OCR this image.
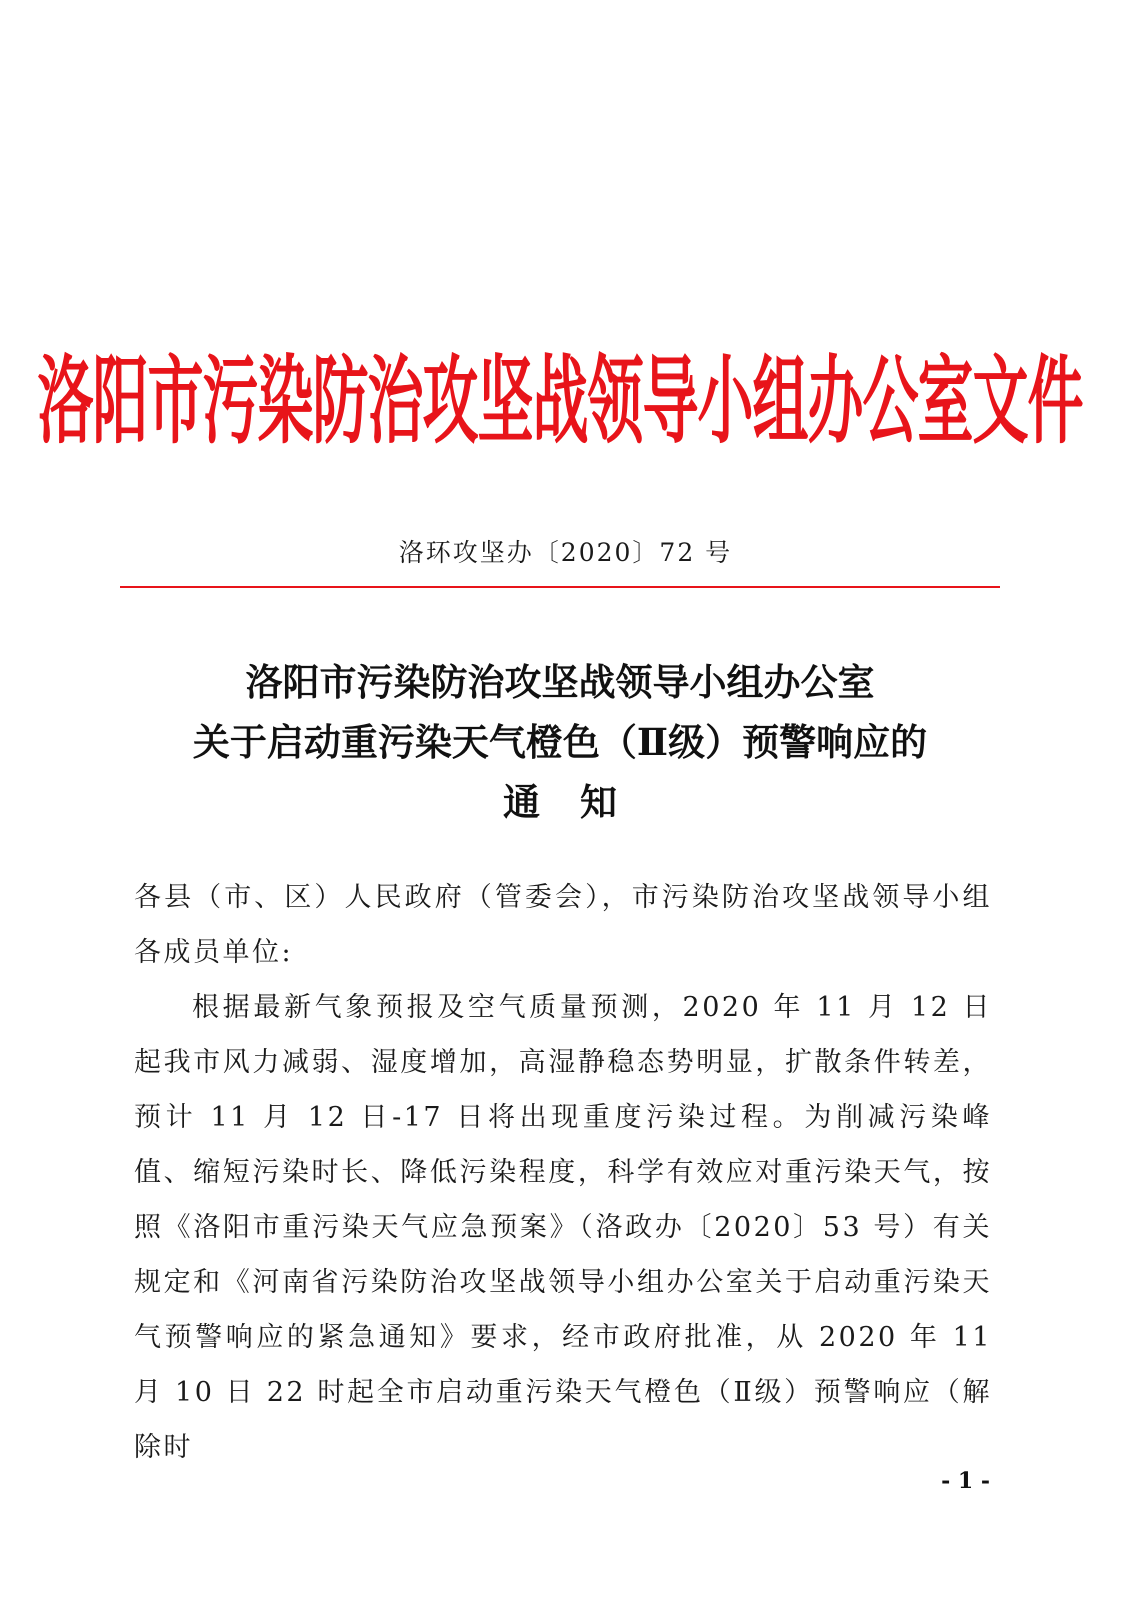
洛阳市污染防治攻坚战领导小组办公室文件
洛环攻坚办〔2020〕72 号
洛阳市污染防治攻坚战领导小组办公室
关于启动重污染天气橙色（Ⅱ级）预警响应的
通知

各县（市、区）人民政府（管委会），市污染防治攻坚战领导小组各成员单位:

根据最新气象预报及空气质量预测，2020 年 11 月 12 日起我市风力减弱、湿度增加，高湿静稳态势明显，扩散条件转差，预计 11 月 12 日-17 日将出现重度污染过程。为削减污染峰值、缩短污染时长、降低污染程度，科学有效应对重污染天气，按照《洛阳市重污染天气应急预案》（洛政办〔2020〕53 号）有关规定和《河南省污染防治攻坚战领导小组办公室关于启动重污染天气预警响应的紧急通知》要求，经市政府批准，从 2020 年 11 月 10 日 22 时起全市启动重污染天气橙色（Ⅱ级）预警响应（解除时

- 1 -
